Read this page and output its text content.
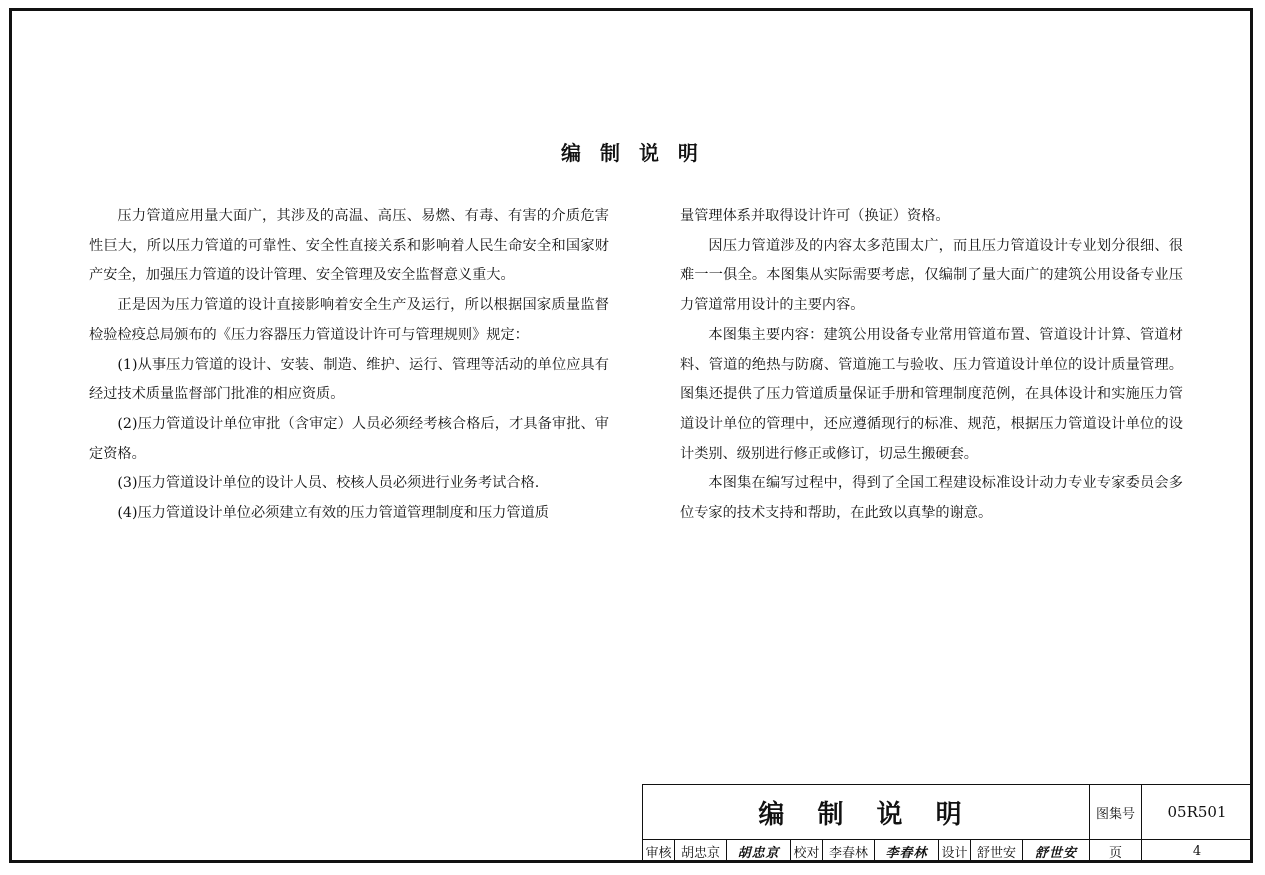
编 制 说 明

压力管道应用量大面广，其涉及的高温、高压、易燃、有毒、有害的介质危害性巨大，所以压力管道的可靠性、安全性直接关系和影响着人民生命安全和国家财产安全，加强压力管道的设计管理、安全管理及安全监督意义重大。

正是因为压力管道的设计直接影响着安全生产及运行，所以根据国家质量监督检验检疫总局颁布的《压力容器压力管道设计许可与管理规则》规定：

(1)从事压力管道的设计、安装、制造、维护、运行、管理等活动的单位应具有经过技术质量监督部门批准的相应资质。

(2)压力管道设计单位审批（含审定）人员必须经考核合格后，才具备审批、审定资格。

(3)压力管道设计单位的设计人员、校核人员必须进行业务考试合格.

(4)压力管道设计单位必须建立有效的压力管道管理制度和压力管道质

量管理体系并取得设计许可（换证）资格。

因压力管道涉及的内容太多范围太广，而且压力管道设计专业划分很细、很难一一俱全。本图集从实际需要考虑，仅编制了量大面广的建筑公用设备专业压力管道常用设计的主要内容。

本图集主要内容：建筑公用设备专业常用管道布置、管道设计计算、管道材料、管道的绝热与防腐、管道施工与验收、压力管道设计单位的设计质量管理。图集还提供了压力管道质量保证手册和管理制度范例，在具体设计和实施压力管道设计单位的管理中，还应遵循现行的标准、规范，根据压力管道设计单位的设计类别、级别进行修正或修订，切忌生搬硬套。

本图集在编写过程中，得到了全国工程建设标准设计动力专业专家委员会多位专家的技术支持和帮助，在此致以真挚的谢意。

编 制 说 明	图集号	05R501
审核 胡忠京	胡忠京	校对 李春林	李春林	设计 舒世安	舒世安	页	4
